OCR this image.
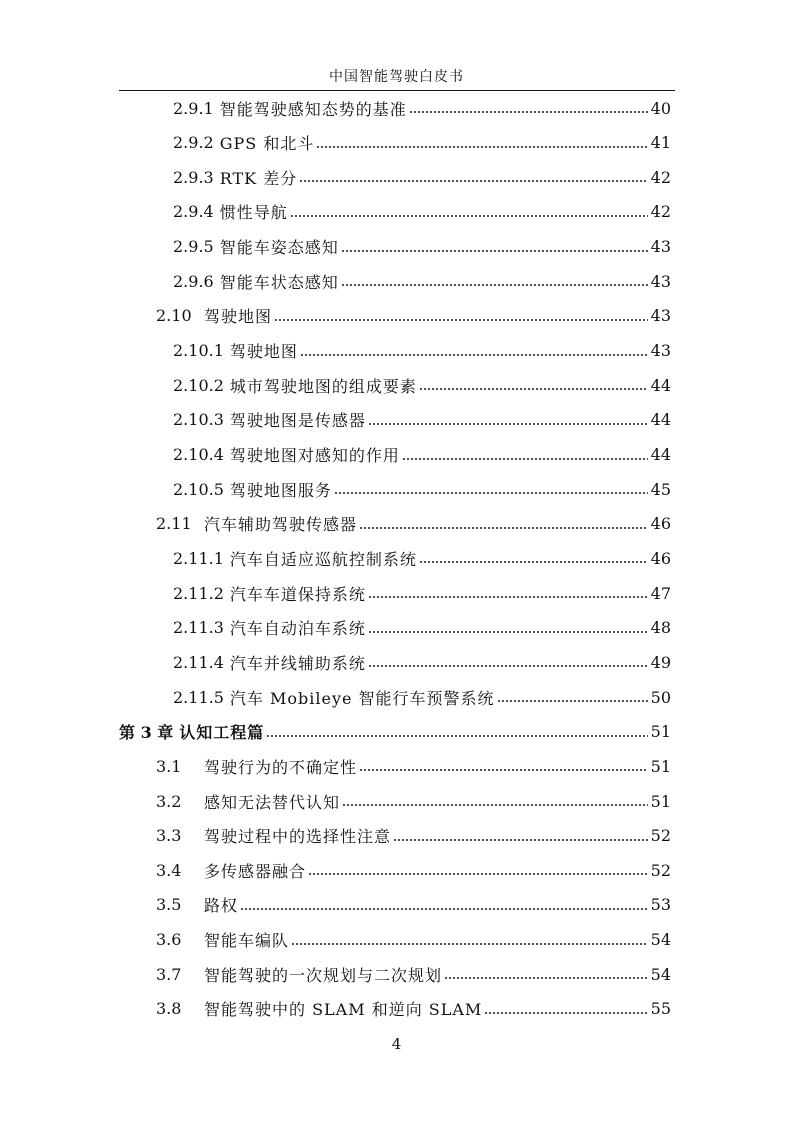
中国智能驾驶白皮书
2.9.1 智能驾驶感知态势的基准	40
2.9.2 GPS 和北斗	41
2.9.3 RTK 差分	42
2.9.4 惯性导航	42
2.9.5 智能车姿态感知	43
2.9.6 智能车状态感知	43
2.10 驾驶地图	43
2.10.1 驾驶地图	43
2.10.2 城市驾驶地图的组成要素	44
2.10.3 驾驶地图是传感器	44
2.10.4 驾驶地图对感知的作用	44
2.10.5 驾驶地图服务	45
2.11 汽车辅助驾驶传感器	46
2.11.1 汽车自适应巡航控制系统	46
2.11.2 汽车车道保持系统	47
2.11.3 汽车自动泊车系统	48
2.11.4 汽车并线辅助系统	49
2.11.5 汽车 Mobileye 智能行车预警系统	50
第 3 章 认知工程篇	51
3.1	驾驶行为的不确定性	51
3.2	感知无法替代认知	51
3.3	驾驶过程中的选择性注意	52
3.4	多传感器融合	52
3.5	路权	53
3.6	智能车编队	54
3.7	智能驾驶的一次规划与二次规划	54
3.8	智能驾驶中的 SLAM 和逆向 SLAM	55
4
